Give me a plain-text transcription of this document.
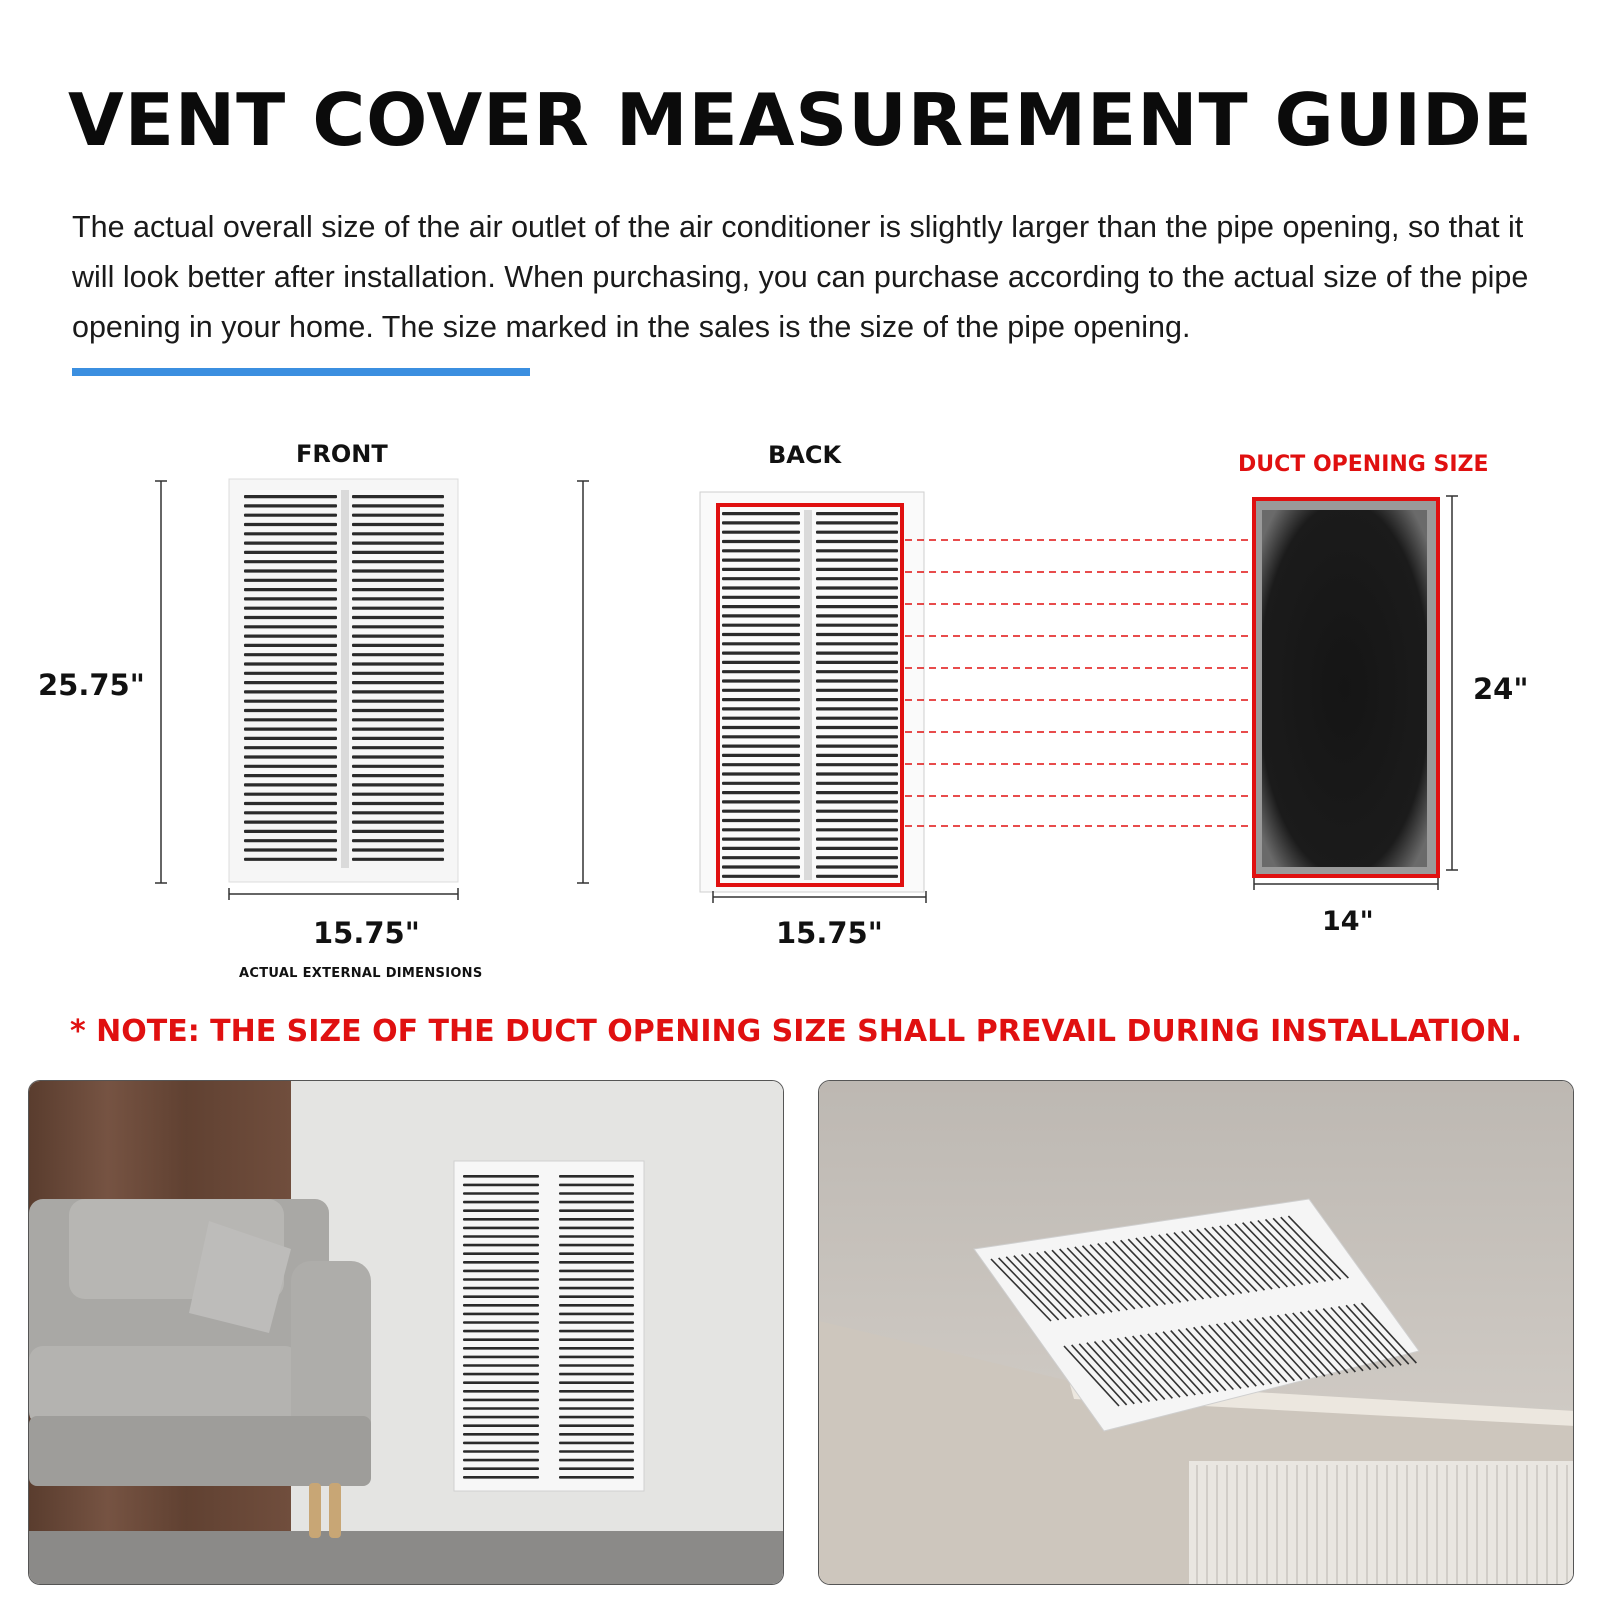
VENT COVER MEASUREMENT GUIDE

The actual overall size of the air outlet of the air conditioner is slightly larger than the pipe opening, so that it will look better after installation. When purchasing, you can purchase according to the actual size of the pipe opening in your home. The size marked in the sales is the size of the pipe opening.

FRONT	BACK	DUCT OPENING SIZE
25.75"	24"
15.75"	15.75"	14"
ACTUAL EXTERNAL DIMENSIONS

* NOTE: THE SIZE OF THE DUCT OPENING SIZE SHALL PREVAIL DURING INSTALLATION.
